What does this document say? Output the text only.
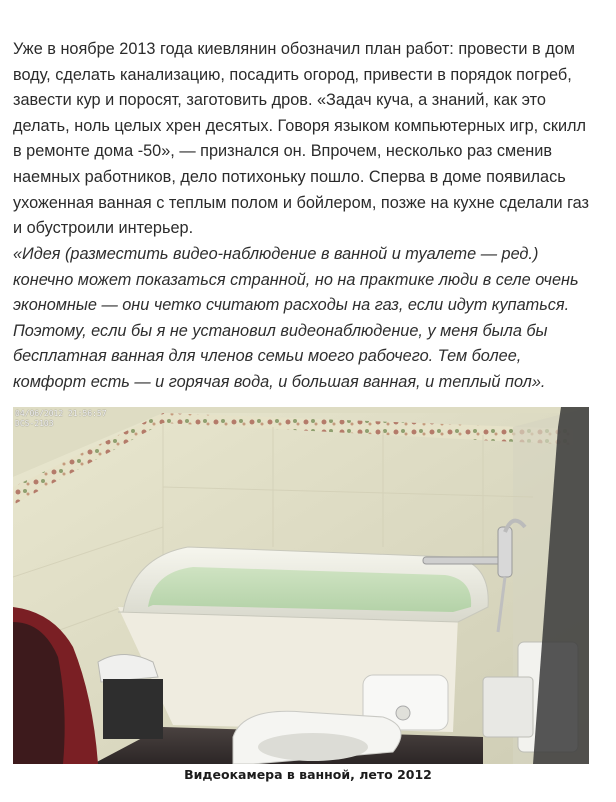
Уже в ноябре 2013 года киевлянин обозначил план работ: провести в дом воду, сделать канализацию, посадить огород, привести в порядок погреб, завести кур и поросят, заготовить дров. «Задач куча, а знаний, как это делать, ноль целых хрен десятых. Говоря языком компьютерных игр, скилл в ремонте дома -50», — признался он. Впрочем, несколько раз сменив наемных работников, дело потихоньку пошло. Сперва в доме появилась ухоженная ванная с теплым полом и бойлером, позже на кухне сделали газ и обустроили интерьер.

«Идея (разместить видео-наблюдение в ванной и туалете — ред.) конечно может показаться странной, но на практике люди в селе очень экономные — они четко считают расходы на газ, если идут купаться. Поэтому, если бы я не установил видеонаблюдение, у меня была бы бесплатная ванная для членов семьи моего рабочего. Тем более, комфорт есть — и горячая вода, и большая ванная, и теплый пол».

04/06/2012 21:56:57
DCS-2103
Видеокамера в ванной, лето 2012
